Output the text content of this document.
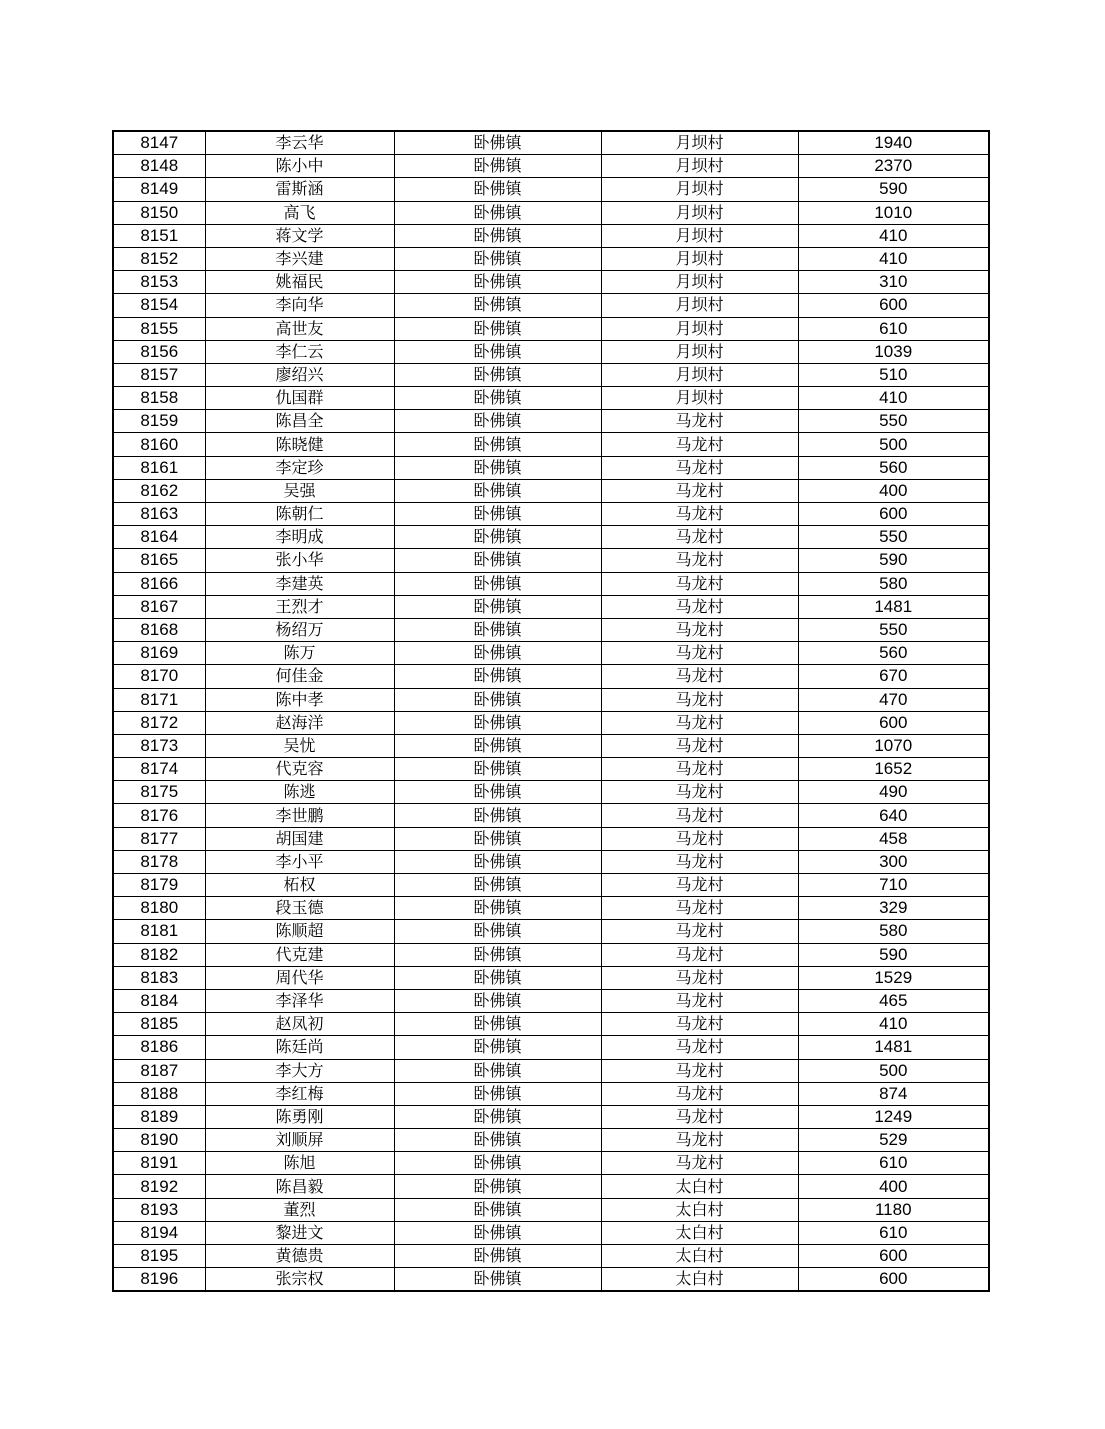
8147	李云华	卧佛镇	月坝村	1940
8148	陈小中	卧佛镇	月坝村	2370
8149	雷斯涵	卧佛镇	月坝村	590
8150	高飞	卧佛镇	月坝村	1010
8151	蒋文学	卧佛镇	月坝村	410
8152	李兴建	卧佛镇	月坝村	410
8153	姚福民	卧佛镇	月坝村	310
8154	李向华	卧佛镇	月坝村	600
8155	高世友	卧佛镇	月坝村	610
8156	李仁云	卧佛镇	月坝村	1039
8157	廖绍兴	卧佛镇	月坝村	510
8158	仇国群	卧佛镇	月坝村	410
8159	陈昌全	卧佛镇	马龙村	550
8160	陈晓健	卧佛镇	马龙村	500
8161	李定珍	卧佛镇	马龙村	560
8162	吴强	卧佛镇	马龙村	400
8163	陈朝仁	卧佛镇	马龙村	600
8164	李明成	卧佛镇	马龙村	550
8165	张小华	卧佛镇	马龙村	590
8166	李建英	卧佛镇	马龙村	580
8167	王烈才	卧佛镇	马龙村	1481
8168	杨绍万	卧佛镇	马龙村	550
8169	陈万	卧佛镇	马龙村	560
8170	何佳金	卧佛镇	马龙村	670
8171	陈中孝	卧佛镇	马龙村	470
8172	赵海洋	卧佛镇	马龙村	600
8173	吴忧	卧佛镇	马龙村	1070
8174	代克容	卧佛镇	马龙村	1652
8175	陈逃	卧佛镇	马龙村	490
8176	李世鹏	卧佛镇	马龙村	640
8177	胡国建	卧佛镇	马龙村	458
8178	李小平	卧佛镇	马龙村	300
8179	柘权	卧佛镇	马龙村	710
8180	段玉德	卧佛镇	马龙村	329
8181	陈顺超	卧佛镇	马龙村	580
8182	代克建	卧佛镇	马龙村	590
8183	周代华	卧佛镇	马龙村	1529
8184	李泽华	卧佛镇	马龙村	465
8185	赵凤初	卧佛镇	马龙村	410
8186	陈廷尚	卧佛镇	马龙村	1481
8187	李大方	卧佛镇	马龙村	500
8188	李红梅	卧佛镇	马龙村	874
8189	陈勇刚	卧佛镇	马龙村	1249
8190	刘顺屏	卧佛镇	马龙村	529
8191	陈旭	卧佛镇	马龙村	610
8192	陈昌毅	卧佛镇	太白村	400
8193	董烈	卧佛镇	太白村	1180
8194	黎进文	卧佛镇	太白村	610
8195	黄德贵	卧佛镇	太白村	600
8196	张宗权	卧佛镇	太白村	600
